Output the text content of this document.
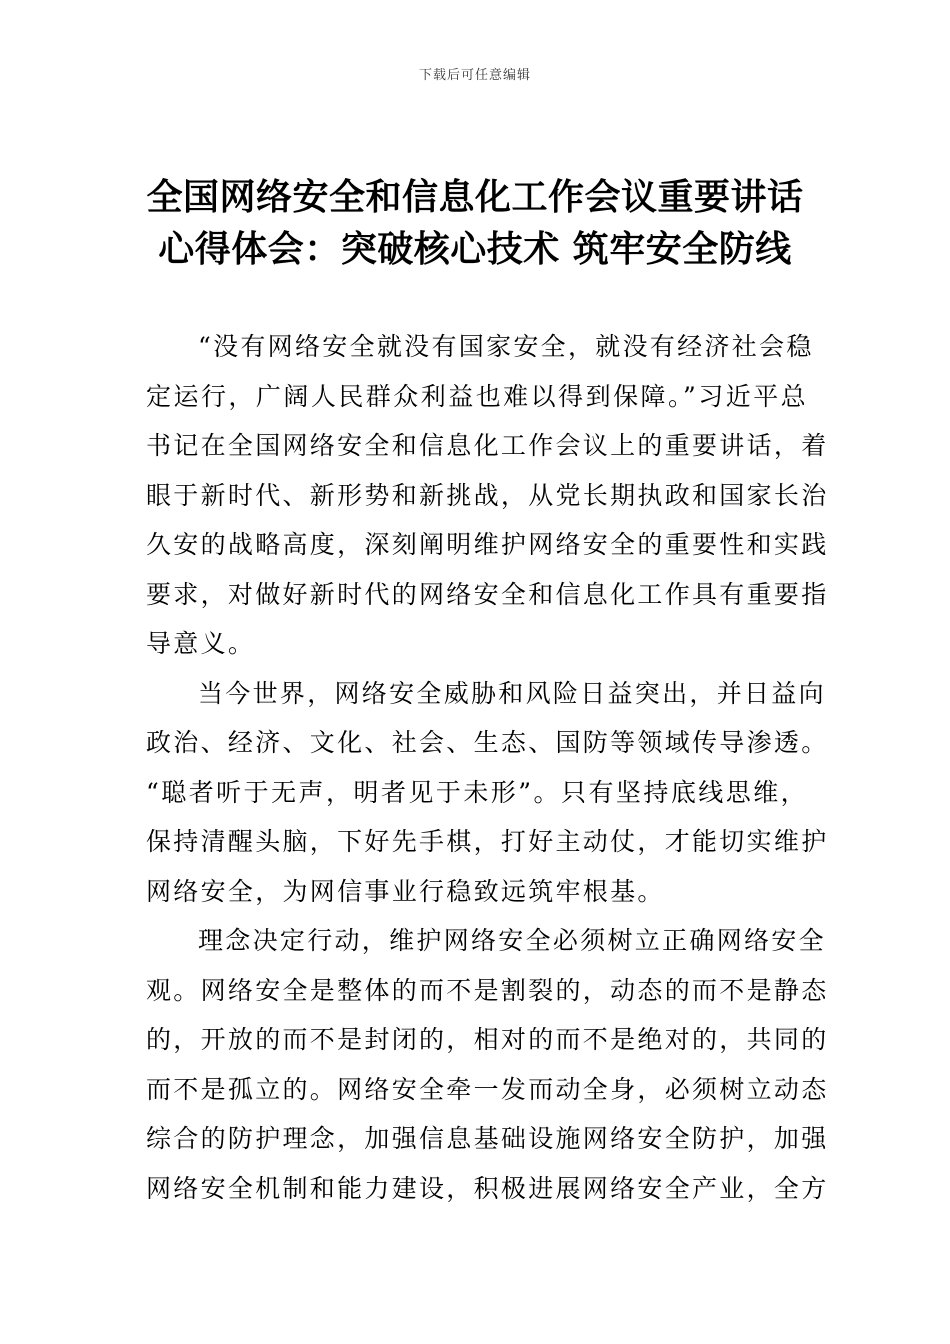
下载后可任意编辑
全国网络安全和信息化工作会议重要讲话
心得体会：突破核心技术 筑牢安全防线
“没有网络安全就没有国家安全，就没有经济社会稳
定运行，广阔人民群众利益也难以得到保障。”习近平总
书记在全国网络安全和信息化工作会议上的重要讲话，着
眼于新时代、新形势和新挑战，从党长期执政和国家长治
久安的战略高度，深刻阐明维护网络安全的重要性和实践
要求，对做好新时代的网络安全和信息化工作具有重要指
导意义。
当今世界，网络安全威胁和风险日益突出，并日益向
政治、经济、文化、社会、生态、国防等领域传导渗透。
“聪者听于无声，明者见于未形”。只有坚持底线思维，
保持清醒头脑，下好先手棋，打好主动仗，才能切实维护
网络安全，为网信事业行稳致远筑牢根基。
理念决定行动，维护网络安全必须树立正确网络安全
观。网络安全是整体的而不是割裂的，动态的而不是静态
的，开放的而不是封闭的，相对的而不是绝对的，共同的
而不是孤立的。网络安全牵一发而动全身，必须树立动态
综合的防护理念，加强信息基础设施网络安全防护，加强
网络安全机制和能力建设，积极进展网络安全产业，全方
